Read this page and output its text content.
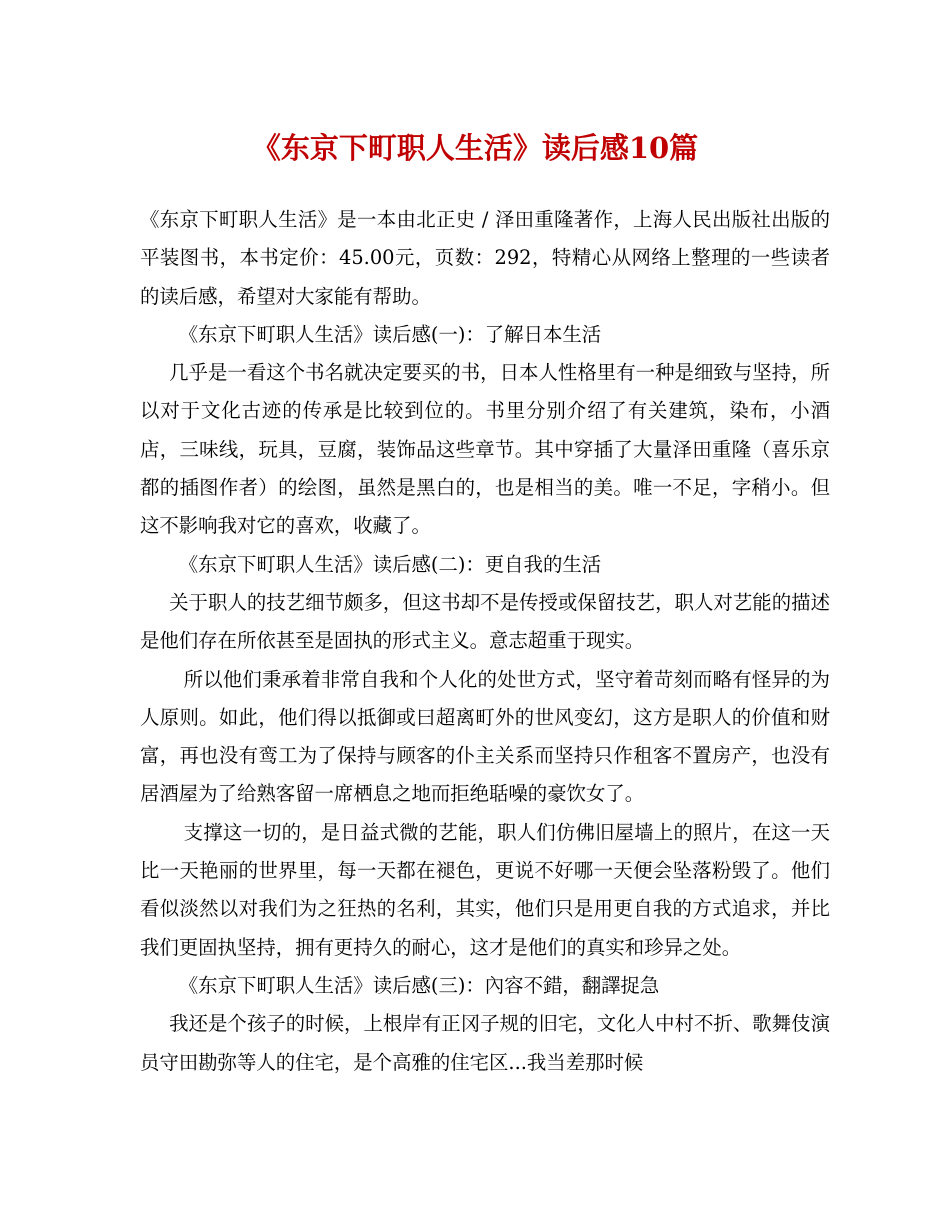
《东京下町职人生活》读后感10篇

《东京下町职人生活》是一本由北正史 / 泽田重隆著作，上海人民出版社出版的平装图书，本书定价：45.00元，页数：292，特精心从网络上整理的一些读者的读后感，希望对大家能有帮助。

《东京下町职人生活》读后感(一)：了解日本生活

几乎是一看这个书名就决定要买的书，日本人性格里有一种是细致与坚持，所以对于文化古迹的传承是比较到位的。书里分别介绍了有关建筑，染布，小酒店，三味线，玩具，豆腐，装饰品这些章节。其中穿插了大量泽田重隆（喜乐京都的插图作者）的绘图，虽然是黑白的，也是相当的美。唯一不足，字稍小。但这不影响我对它的喜欢，收藏了。

《东京下町职人生活》读后感(二)：更自我的生活

关于职人的技艺细节颇多，但这书却不是传授或保留技艺，职人对艺能的描述是他们存在所依甚至是固执的形式主义。意志超重于现实。

所以他们秉承着非常自我和个人化的处世方式，坚守着苛刻而略有怪异的为人原则。如此，他们得以抵御或曰超离町外的世风变幻，这方是职人的价值和财富，再也没有鸾工为了保持与顾客的仆主关系而坚持只作租客不置房产，也没有居酒屋为了给熟客留一席栖息之地而拒绝聒噪的豪饮女了。

支撑这一切的，是日益式微的艺能，职人们仿佛旧屋墙上的照片，在这一天比一天艳丽的世界里，每一天都在褪色，更说不好哪一天便会坠落粉毁了。他们看似淡然以对我们为之狂热的名利，其实，他们只是用更自我的方式追求，并比我们更固执坚持，拥有更持久的耐心，这才是他们的真实和珍异之处。

《东京下町职人生活》读后感(三)：內容不錯，翻譯捉急

我还是个孩子的时候，上根岸有正冈子规的旧宅，文化人中村不折、歌舞伎演员守田勘弥等人的住宅，是个高雅的住宅区...我当差那时候
